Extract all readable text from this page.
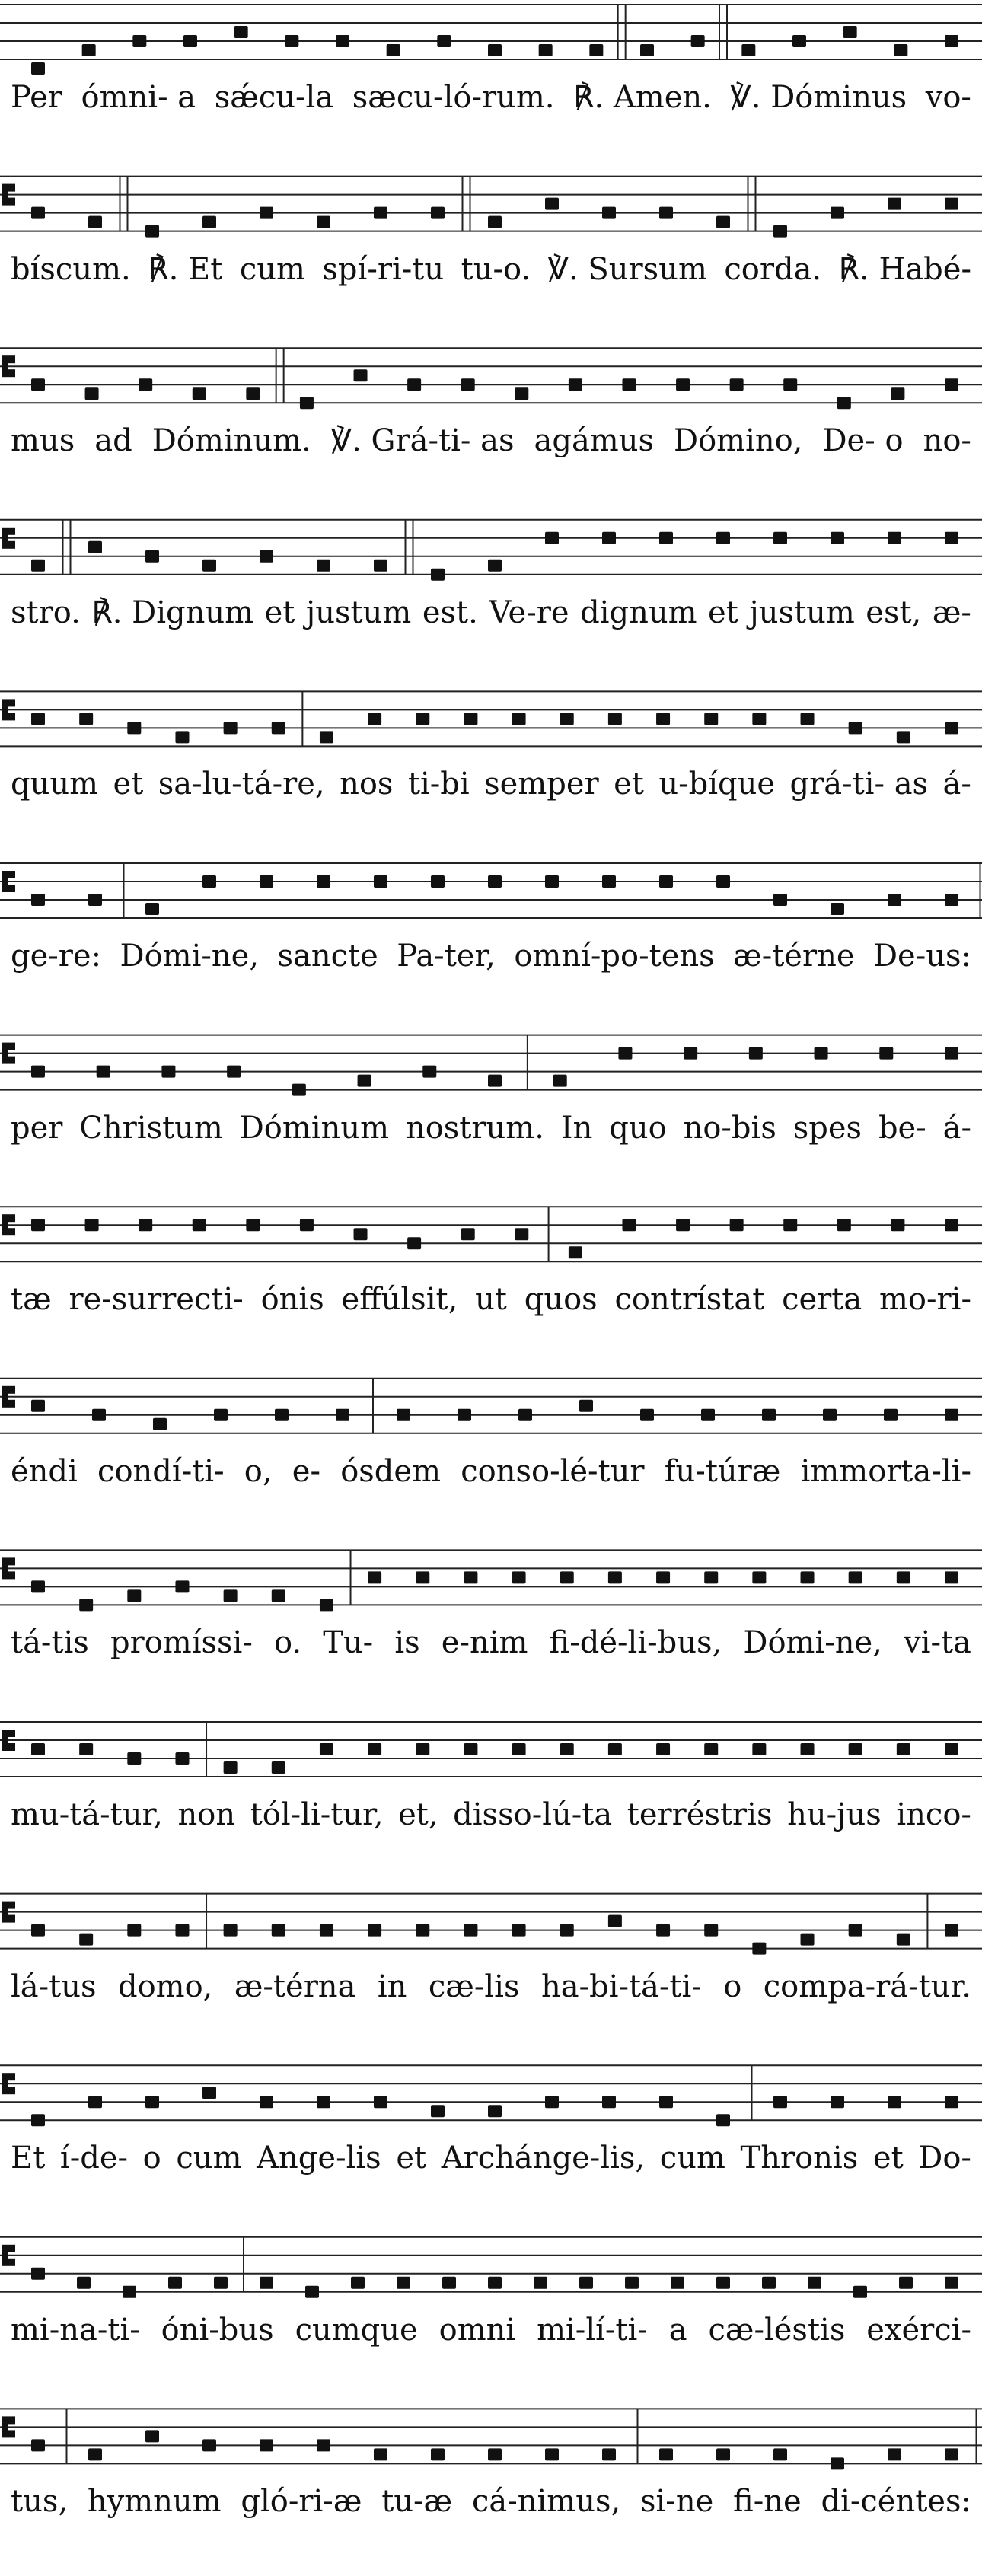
Per ómni- a sǽcu-la sæcu-ló-rum. ℟. Amen. ℣. Dóminus vo-
bíscum. ℟. Et cum spí-ri-tu tu-o. ℣. Sursum corda. ℟. Habé-
mus ad Dóminum. ℣. Grá-ti- as agámus Dómino, De- o no-
stro. ℟. Dignum et justum est. Ve-re dignum et justum est, æ-
quum et sa-lu-tá-re, nos ti-bi semper et u-bíque grá-ti- as á-
ge-re: Dómi-ne, sancte Pa-ter, omní-po-tens æ-térne De-us:
per Christum Dóminum nostrum. In quo no-bis spes be- á-
tæ re-surrecti- ónis effúlsit, ut quos contrístat certa mo-ri-
éndi condí-ti- o, e- ósdem conso-lé-tur fu-túræ immorta-li-
tá-tis promíssi- o. Tu- is e-nim fi-dé-li-bus, Dómi-ne, vi-ta
mu-tá-tur, non tól-li-tur, et, disso-lú-ta terréstris hu-jus inco-
lá-tus domo, æ-térna in cæ-lis ha-bi-tá-ti- o compa-rá-tur.
Et í-de- o cum Ange-lis et Archánge-lis, cum Thronis et Do-
mi-na-ti- óni-bus cumque omni mi-lí-ti- a cæ-léstis exérci-
tus, hymnum gló-ri-æ tu-æ cá-nimus, si-ne fi-ne di-céntes:
